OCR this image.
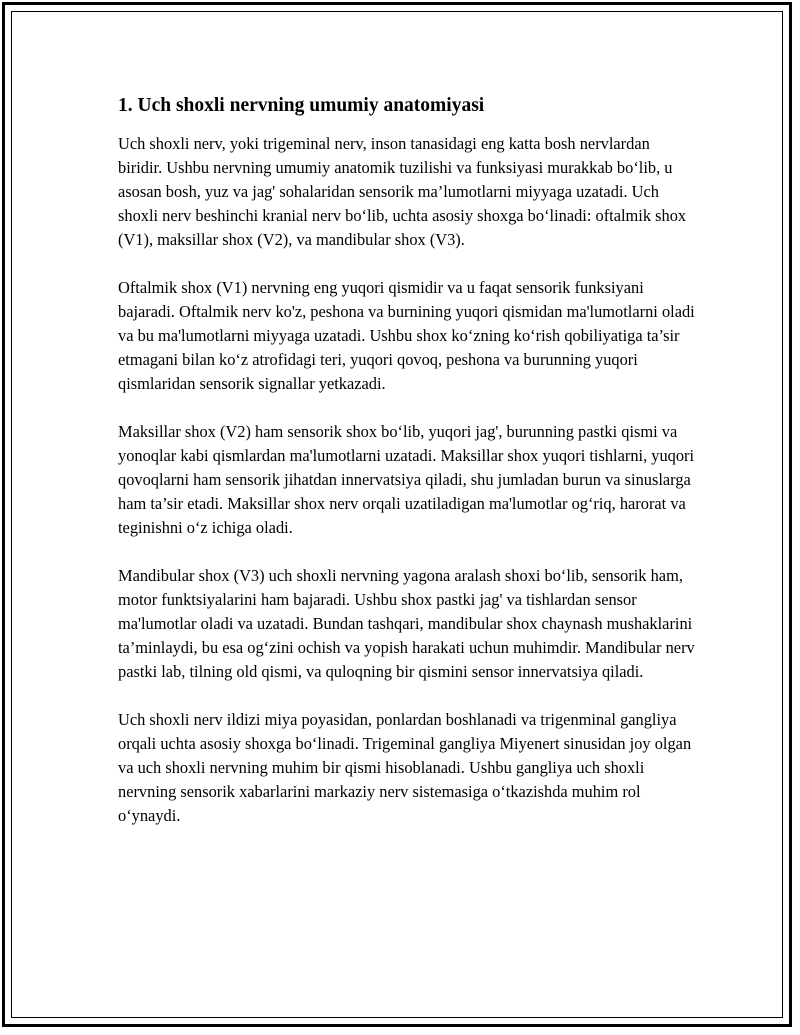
1. Uch shoxli nervning umumiy anatomiyasi

Uch shoxli nerv, yoki trigeminal nerv, inson tanasidagi eng katta bosh nervlardan biridir. Ushbu nervning umumiy anatomik tuzilishi va funksiyasi murakkab bo‘lib, u asosan bosh, yuz va jag' sohalaridan sensorik ma’lumotlarni miyyaga uzatadi. Uch shoxli nerv beshinchi kranial nerv bo‘lib, uchta asosiy shoxga bo‘linadi: oftalmik shox (V1), maksillar shox (V2), va mandibular shox (V3).

Oftalmik shox (V1) nervning eng yuqori qismidir va u faqat sensorik funksiyani bajaradi. Oftalmik nerv ko'z, peshona va burnining yuqori qismidan ma'lumotlarni oladi va bu ma'lumotlarni miyyaga uzatadi. Ushbu shox ko‘zning ko‘rish qobiliyatiga ta’sir etmagani bilan ko‘z atrofidagi teri, yuqori qovoq, peshona va burunning yuqori qismlaridan sensorik signallar yetkazadi.

Maksillar shox (V2) ham sensorik shox bo‘lib, yuqori jag', burunning pastki qismi va yonoqlar kabi qismlardan ma'lumotlarni uzatadi. Maksillar shox yuqori tishlarni, yuqori qovoqlarni ham sensorik jihatdan innervatsiya qiladi, shu jumladan burun va sinuslarga ham ta’sir etadi. Maksillar shox nerv orqali uzatiladigan ma'lumotlar og‘riq, harorat va teginishni o‘z ichiga oladi.

Mandibular shox (V3) uch shoxli nervning yagona aralash shoxi bo‘lib, sensorik ham, motor funktsiyalarini ham bajaradi. Ushbu shox pastki jag' va tishlardan sensor ma'lumotlar oladi va uzatadi. Bundan tashqari, mandibular shox chaynash mushaklarini ta’minlaydi, bu esa og‘zini ochish va yopish harakati uchun muhimdir. Mandibular nerv pastki lab, tilning old qismi, va quloqning bir qismini sensor innervatsiya qiladi.

Uch shoxli nerv ildizi miya poyasidan, ponlardan boshlanadi va trigenminal gangliya orqali uchta asosiy shoxga bo‘linadi. Trigeminal gangliya Miyenert sinusidan joy olgan va uch shoxli nervning muhim bir qismi hisoblanadi. Ushbu gangliya uch shoxli nervning sensorik xabarlarini markaziy nerv sistemasiga o‘tkazishda muhim rol o‘ynaydi.
